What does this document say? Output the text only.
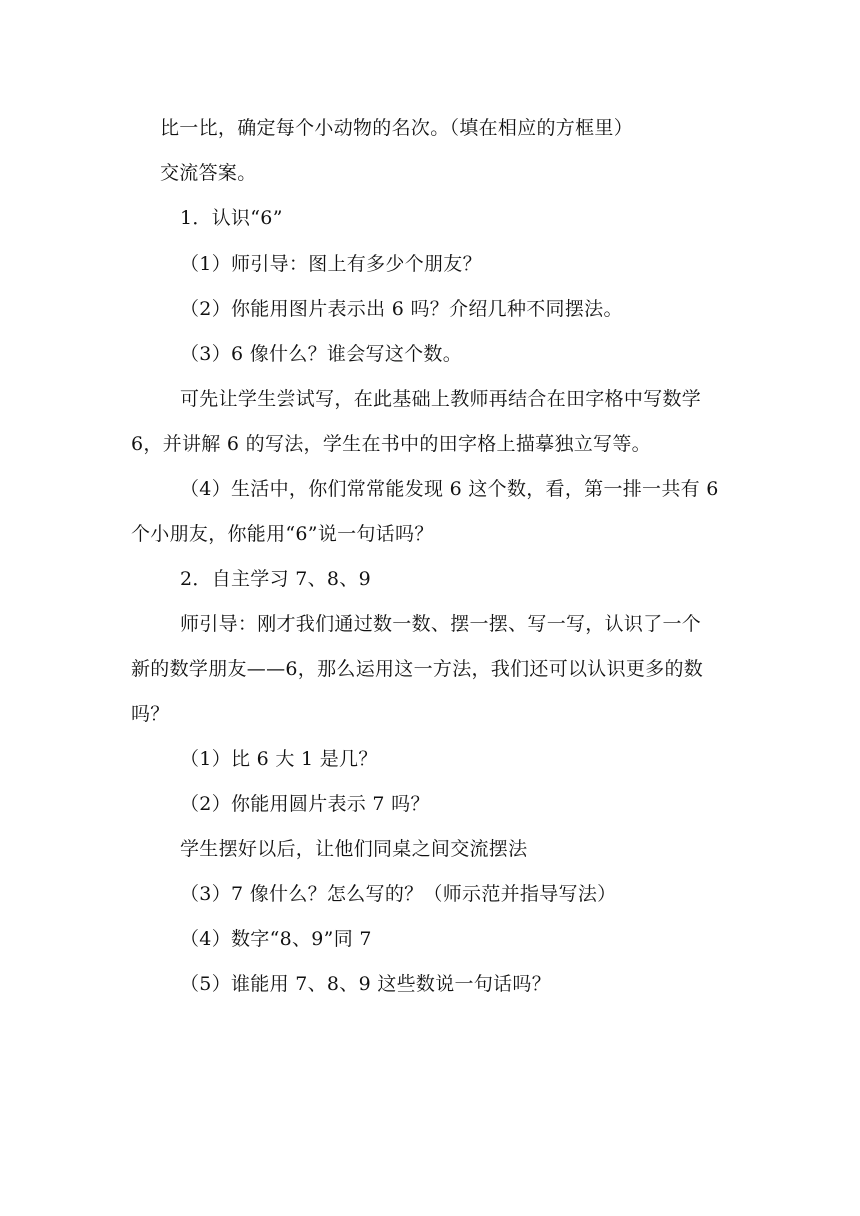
比一比，确定每个小动物的名次。（填在相应的方框里）
交流答案。
1．认识“6”
（1）师引导：图上有多少个朋友？
（2）你能用图片表示出 6 吗？介绍几种不同摆法。
（3）6 像什么？谁会写这个数。
可先让学生尝试写，在此基础上教师再结合在田字格中写数学
6，并讲解 6 的写法，学生在书中的田字格上描摹独立写等。
（4）生活中，你们常常能发现 6 这个数，看，第一排一共有 6
个小朋友，你能用“6”说一句话吗？
2．自主学习 7、8、9
师引导：刚才我们通过数一数、摆一摆、写一写，认识了一个
新的数学朋友——6，那么运用这一方法，我们还可以认识更多的数
吗？
（1）比 6 大 1 是几？
（2）你能用圆片表示 7 吗？
学生摆好以后，让他们同桌之间交流摆法
（3）7 像什么？怎么写的？（师示范并指导写法）
（4）数字“8、9”同 7
（5）谁能用 7、8、9 这些数说一句话吗？
